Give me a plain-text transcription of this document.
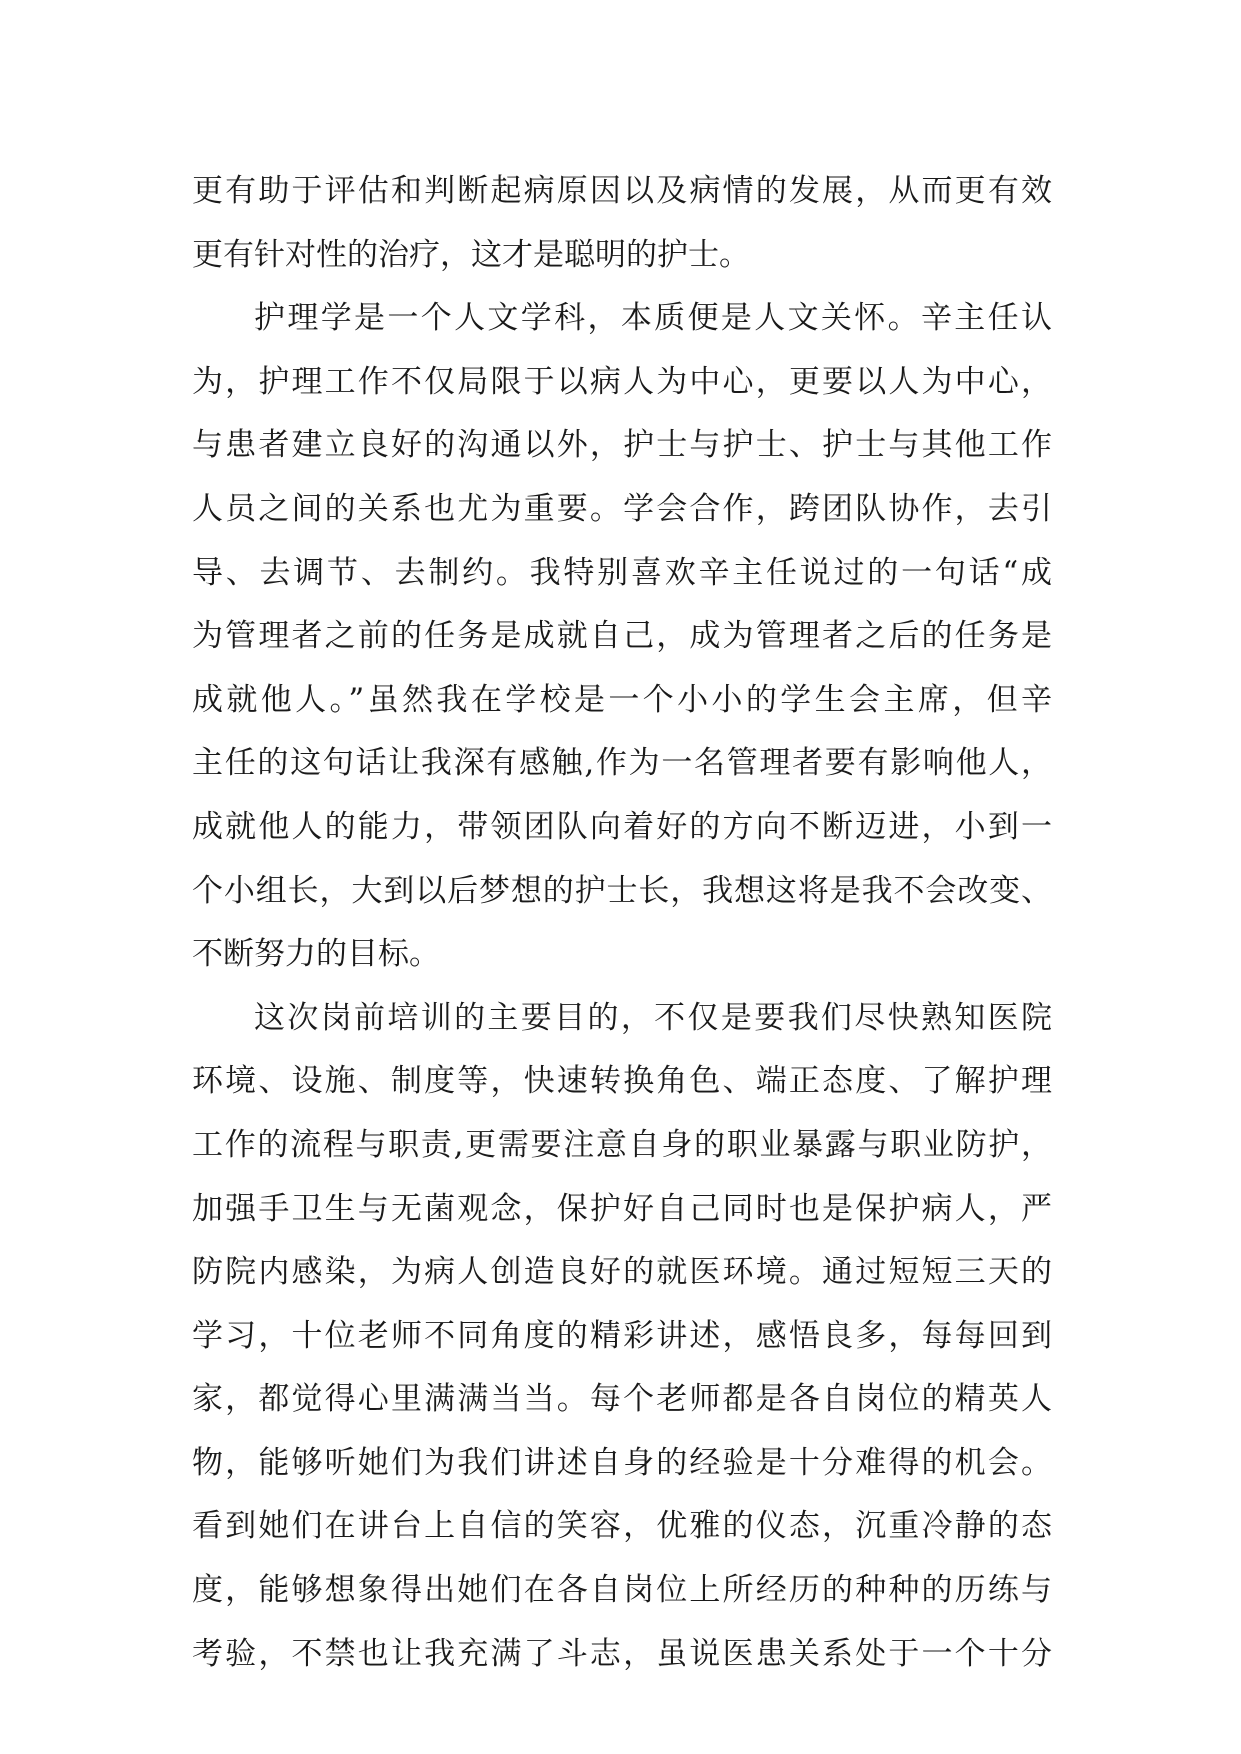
更有助于评估和判断起病原因以及病情的发展，从而更有效
更有针对性的治疗，这才是聪明的护士。
护理学是一个人文学科，本质便是人文关怀。辛主任认
为，护理工作不仅局限于以病人为中心，更要以人为中心，
与患者建立良好的沟通以外，护士与护士、护士与其他工作
人员之间的关系也尤为重要。学会合作，跨团队协作，去引
导、去调节、去制约。我特别喜欢辛主任说过的一句话“成
为管理者之前的任务是成就自己，成为管理者之后的任务是
成就他人。”虽然我在学校是一个小小的学生会主席，但辛
主任的这句话让我深有感触,作为一名管理者要有影响他人，
成就他人的能力，带领团队向着好的方向不断迈进，小到一
个小组长，大到以后梦想的护士长，我想这将是我不会改变、
不断努力的目标。
这次岗前培训的主要目的，不仅是要我们尽快熟知医院
环境、设施、制度等，快速转换角色、端正态度、了解护理
工作的流程与职责,更需要注意自身的职业暴露与职业防护，
加强手卫生与无菌观念，保护好自己同时也是保护病人，严
防院内感染，为病人创造良好的就医环境。通过短短三天的
学习，十位老师不同角度的精彩讲述，感悟良多，每每回到
家，都觉得心里满满当当。每个老师都是各自岗位的精英人
物，能够听她们为我们讲述自身的经验是十分难得的机会。
看到她们在讲台上自信的笑容，优雅的仪态，沉重冷静的态
度，能够想象得出她们在各自岗位上所经历的种种的历练与
考验，不禁也让我充满了斗志，虽说医患关系处于一个十分
